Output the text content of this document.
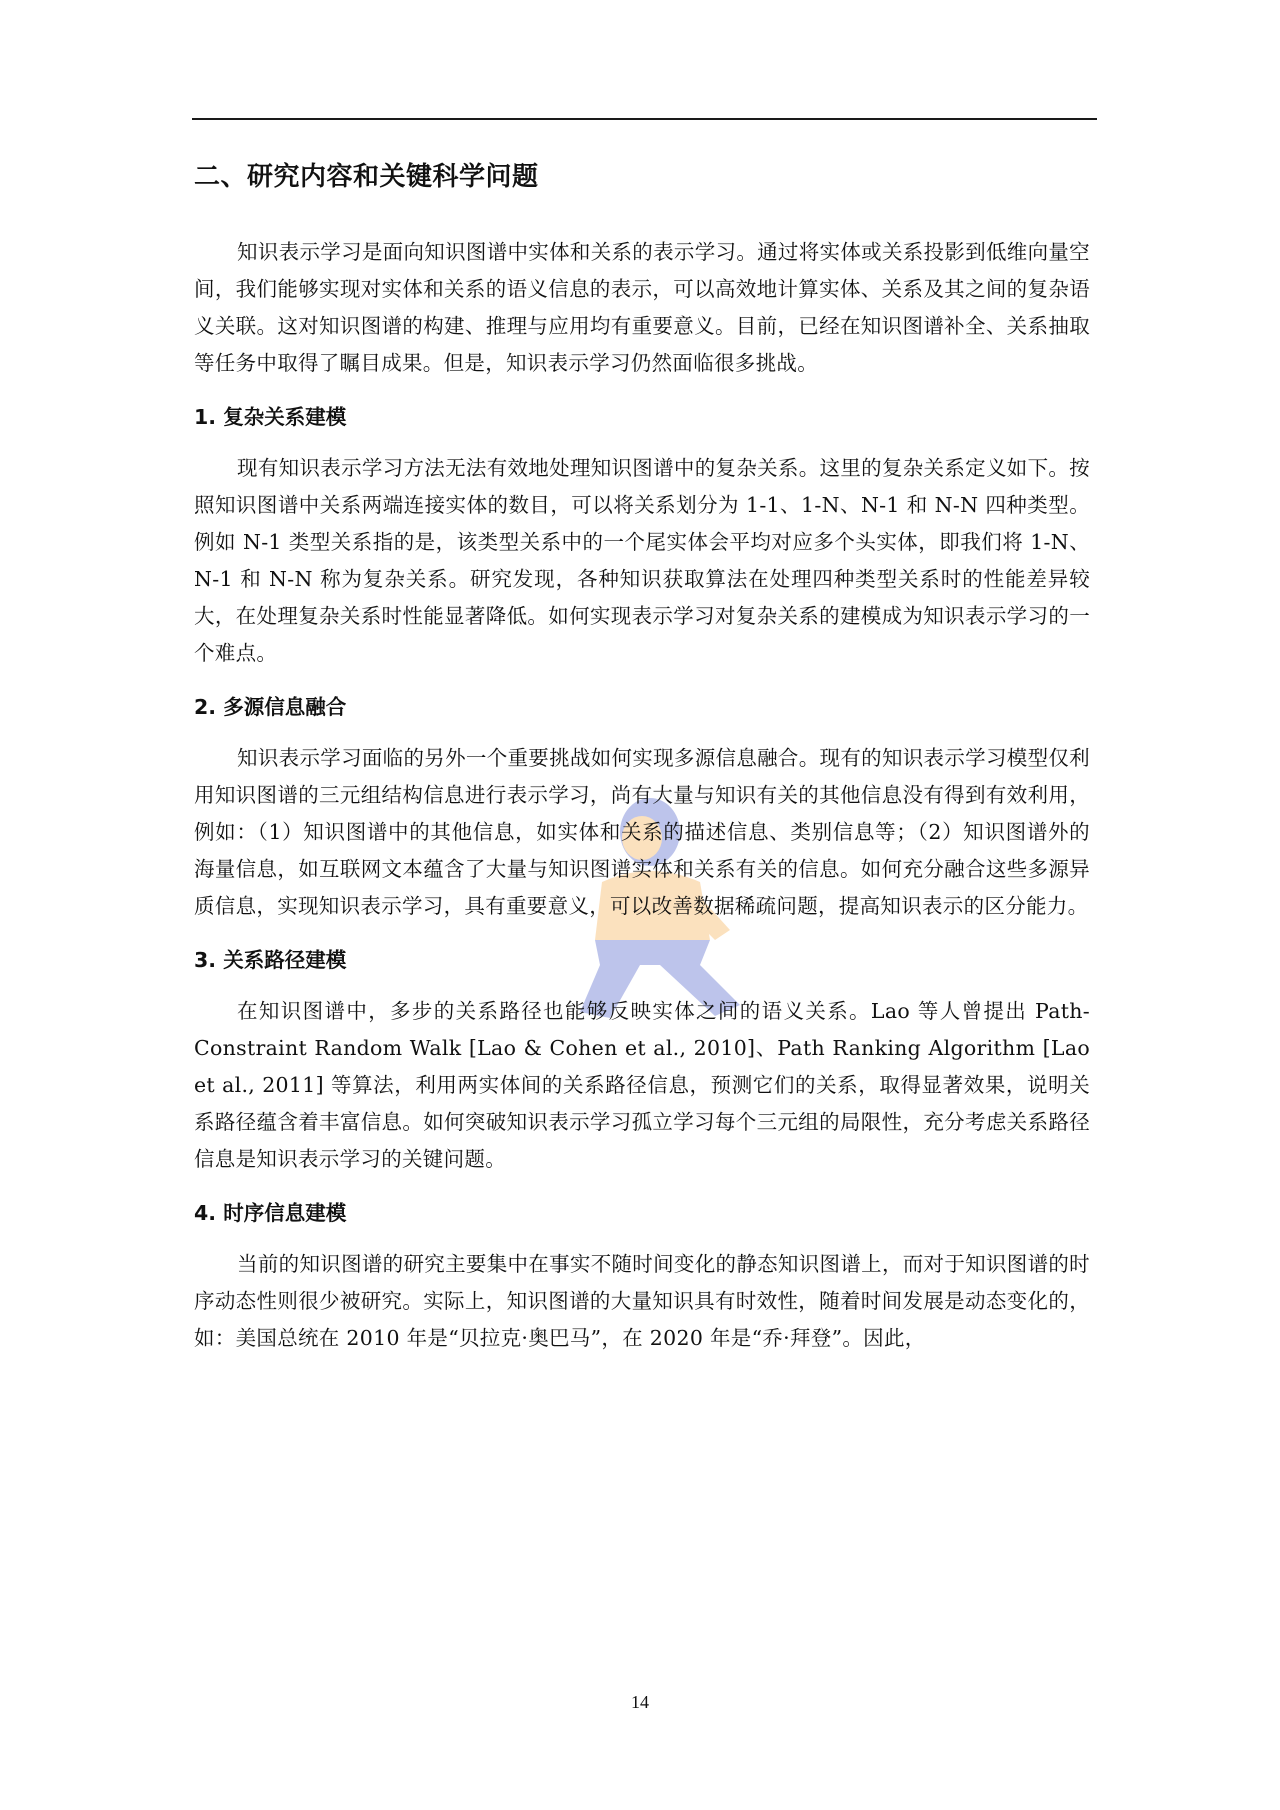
二、研究内容和关键科学问题

知识表示学习是面向知识图谱中实体和关系的表示学习。通过将实体或关系投影到低维向量空间，我们能够实现对实体和关系的语义信息的表示，可以高效地计算实体、关系及其之间的复杂语义关联。这对知识图谱的构建、推理与应用均有重要意义。目前，已经在知识图谱补全、关系抽取等任务中取得了瞩目成果。但是，知识表示学习仍然面临很多挑战。

1. 复杂关系建模

现有知识表示学习方法无法有效地处理知识图谱中的复杂关系。这里的复杂关系定义如下。按照知识图谱中关系两端连接实体的数目，可以将关系划分为 1-1、1-N、N-1 和 N-N 四种类型。例如 N-1 类型关系指的是，该类型关系中的一个尾实体会平均对应多个头实体，即我们将 1-N、N-1 和 N-N 称为复杂关系。研究发现，各种知识获取算法在处理四种类型关系时的性能差异较大，在处理复杂关系时性能显著降低。如何实现表示学习对复杂关系的建模成为知识表示学习的一个难点。

2. 多源信息融合

知识表示学习面临的另外一个重要挑战如何实现多源信息融合。现有的知识表示学习模型仅利用知识图谱的三元组结构信息进行表示学习，尚有大量与知识有关的其他信息没有得到有效利用，例如：（1）知识图谱中的其他信息，如实体和关系的描述信息、类别信息等；（2）知识图谱外的海量信息，如互联网文本蕴含了大量与知识图谱实体和关系有关的信息。如何充分融合这些多源异质信息，实现知识表示学习，具有重要意义，可以改善数据稀疏问题，提高知识表示的区分能力。

3. 关系路径建模

在知识图谱中，多步的关系路径也能够反映实体之间的语义关系。Lao 等人曾提出 Path-Constraint Random Walk [Lao & Cohen et al., 2010]、Path Ranking Algorithm [Lao et al., 2011] 等算法，利用两实体间的关系路径信息，预测它们的关系，取得显著效果，说明关系路径蕴含着丰富信息。如何突破知识表示学习孤立学习每个三元组的局限性，充分考虑关系路径信息是知识表示学习的关键问题。

4. 时序信息建模

当前的知识图谱的研究主要集中在事实不随时间变化的静态知识图谱上，而对于知识图谱的时序动态性则很少被研究。实际上，知识图谱的大量知识具有时效性，随着时间发展是动态变化的，如：美国总统在 2010 年是“贝拉克·奥巴马”，在 2020 年是“乔·拜登”。因此，

14
